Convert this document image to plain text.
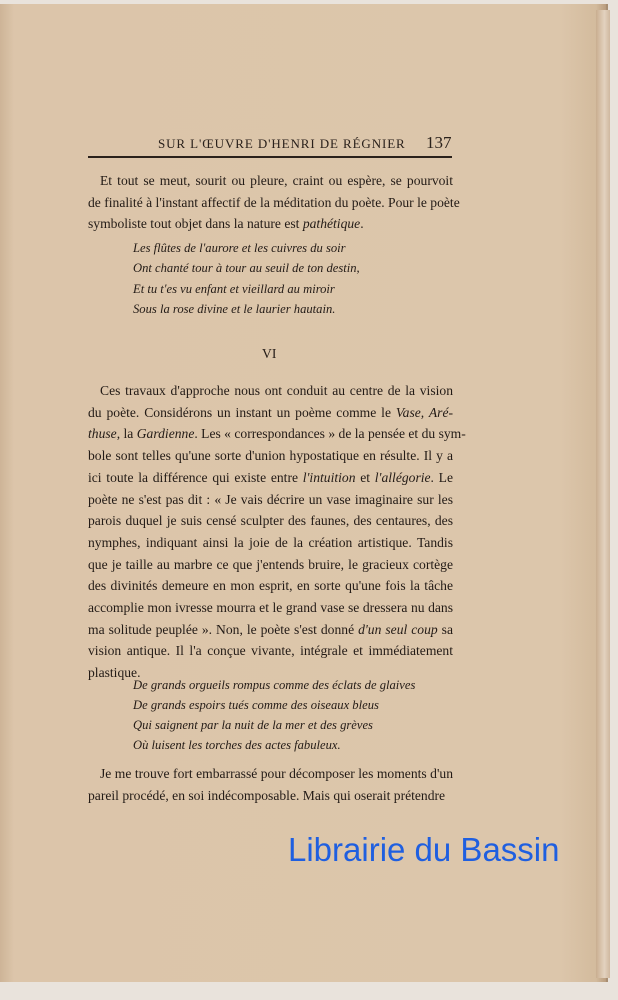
SUR L'ŒUVRE D'HENRI DE RÉGNIER 137
VI
Et tout se meut, sourit ou pleure, craint ou espère, se pourvoit
de finalité à l'instant affectif de la méditation du poète. Pour le poète
symboliste tout objet dans la nature est pathétique.
Les flûtes de l'aurore et les cuivres du soir
Ont chanté tour à tour au seuil de ton destin,
Et tu t'es vu enfant et vieillard au miroir
Sous la rose divine et le laurier hautain.
Ces travaux d'approche nous ont conduit au centre de la vision
du poète. Considérons un instant un poème comme le Vase, Aré-
thuse, la Gardienne. Les « correspondances » de la pensée et du sym-
bole sont telles qu'une sorte d'union hypostatique en résulte. Il y a
ici toute la différence qui existe entre l'intuition et l'allégorie. Le
poète ne s'est pas dit : « Je vais décrire un vase imaginaire sur les
parois duquel je suis censé sculpter des faunes, des centaures, des
nymphes, indiquant ainsi la joie de la création artistique. Tandis
que je taille au marbre ce que j'entends bruire, le gracieux cortège
des divinités demeure en mon esprit, en sorte qu'une fois la tâche
accomplie mon ivresse mourra et le grand vase se dressera nu dans
ma solitude peuplée ». Non, le poète s'est donné d'un seul coup sa
vision antique. Il l'a conçue vivante, intégrale et immédiatement
plastique.
De grands orgueils rompus comme des éclats de glaives
De grands espoirs tués comme des oiseaux bleus
Qui saignent par la nuit de la mer et des grèves
Où luisent les torches des actes fabuleux.
Je me trouve fort embarrassé pour décomposer les moments d'un
pareil procédé, en soi indécomposable. Mais qui oserait prétendre
Librairie du Bassin
